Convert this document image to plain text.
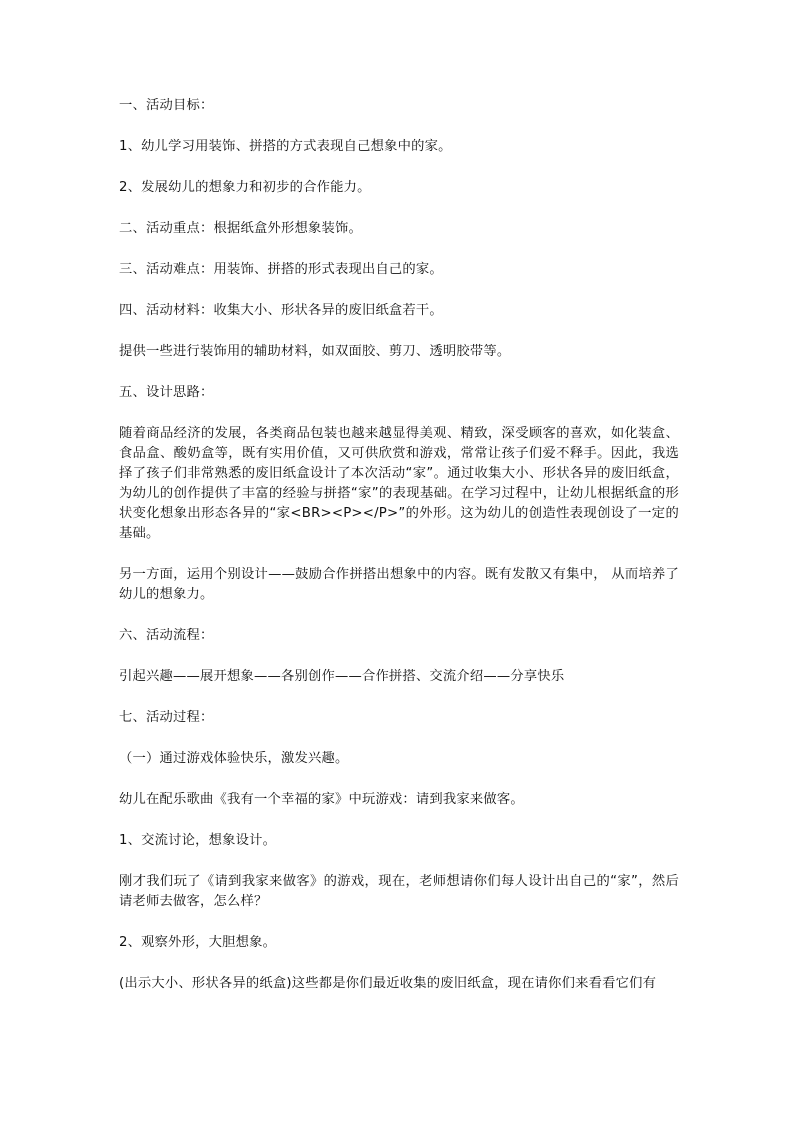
一、活动目标：

1、幼儿学习用装饰、拼搭的方式表现自己想象中的家。

2、发展幼儿的想象力和初步的合作能力。

二、活动重点：根据纸盒外形想象装饰。

三、活动难点：用装饰、拼搭的形式表现出自己的家。

四、活动材料：收集大小、形状各异的废旧纸盒若干。

提供一些进行装饰用的辅助材料，如双面胶、剪刀、透明胶带等。

五、设计思路：

随着商品经济的发展，各类商品包装也越来越显得美观、精致，深受顾客的喜欢，如化装盒、食品盒、酸奶盒等，既有实用价值，又可供欣赏和游戏，常常让孩子们爱不释手。因此，我选择了孩子们非常熟悉的废旧纸盒设计了本次活动“家”。通过收集大小、形状各异的废旧纸盒，为幼儿的创作提供了丰富的经验与拼搭“家”的表现基础。在学习过程中，让幼儿根据纸盒的形状变化想象出形态各异的“家<BR><P></P>”的外形。这为幼儿的创造性表现创设了一定的基础。

另一方面，运用个别设计——鼓励合作拼搭出想象中的内容。既有发散又有集中， 从而培养了幼儿的想象力。

六、活动流程：

引起兴趣——展开想象——各别创作——合作拼搭、交流介绍——分享快乐

七、活动过程：

（一）通过游戏体验快乐，激发兴趣。

幼儿在配乐歌曲《我有一个幸福的家》中玩游戏：请到我家来做客。

1、交流讨论，想象设计。

刚才我们玩了《请到我家来做客》的游戏，现在，老师想请你们每人设计出自己的“家”，然后请老师去做客，怎么样？

2、观察外形，大胆想象。

(出示大小、形状各异的纸盒)这些都是你们最近收集的废旧纸盒，现在请你们来看看它们有
